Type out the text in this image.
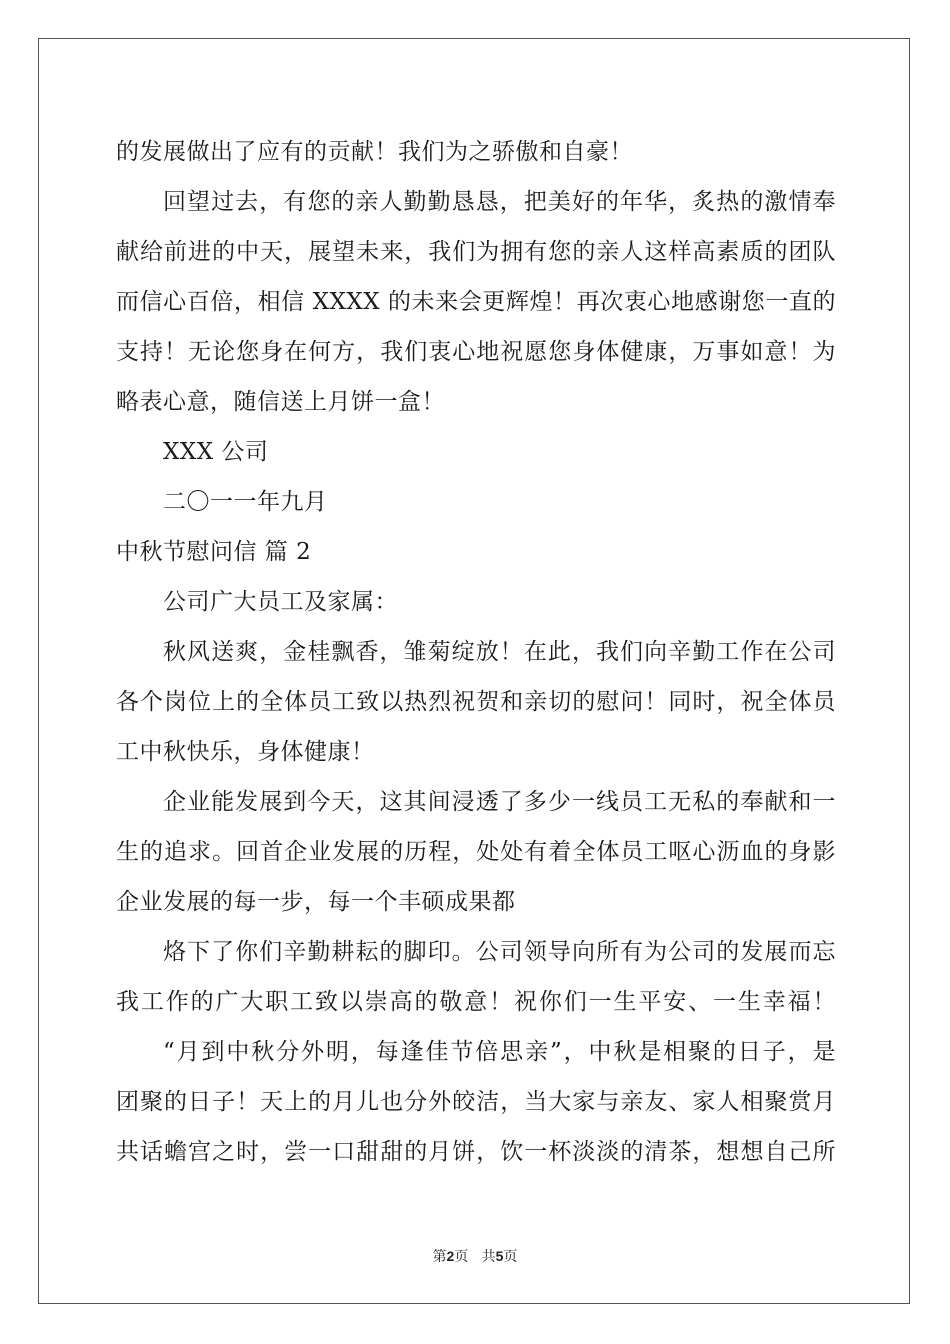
的发展做出了应有的贡献！我们为之骄傲和自豪！
回望过去，有您的亲人勤勤恳恳，把美好的年华，炙热的激情奉
献给前进的中天，展望未来，我们为拥有您的亲人这样高素质的团队
而信心百倍，相信 XXXX 的未来会更辉煌！再次衷心地感谢您一直的
支持！无论您身在何方，我们衷心地祝愿您身体健康，万事如意！为
略表心意，随信送上月饼一盒！
XXX 公司
二〇一一年九月
中秋节慰问信 篇 2
公司广大员工及家属：
秋风送爽，金桂飘香，雏菊绽放！在此，我们向辛勤工作在公司
各个岗位上的全体员工致以热烈祝贺和亲切的慰问！同时，祝全体员
工中秋快乐，身体健康！
企业能发展到今天，这其间浸透了多少一线员工无私的奉献和一
生的追求。回首企业发展的历程，处处有着全体员工呕心沥血的身影
企业发展的每一步，每一个丰硕成果都
烙下了你们辛勤耕耘的脚印。公司领导向所有为公司的发展而忘
我工作的广大职工致以崇高的敬意！祝你们一生平安、一生幸福！
“月到中秋分外明，每逢佳节倍思亲”，中秋是相聚的日子，是
团聚的日子！天上的月儿也分外皎洁，当大家与亲友、家人相聚赏月
共话蟾宫之时，尝一口甜甜的月饼，饮一杯淡淡的清茶，想想自己所
第2页 共5页
